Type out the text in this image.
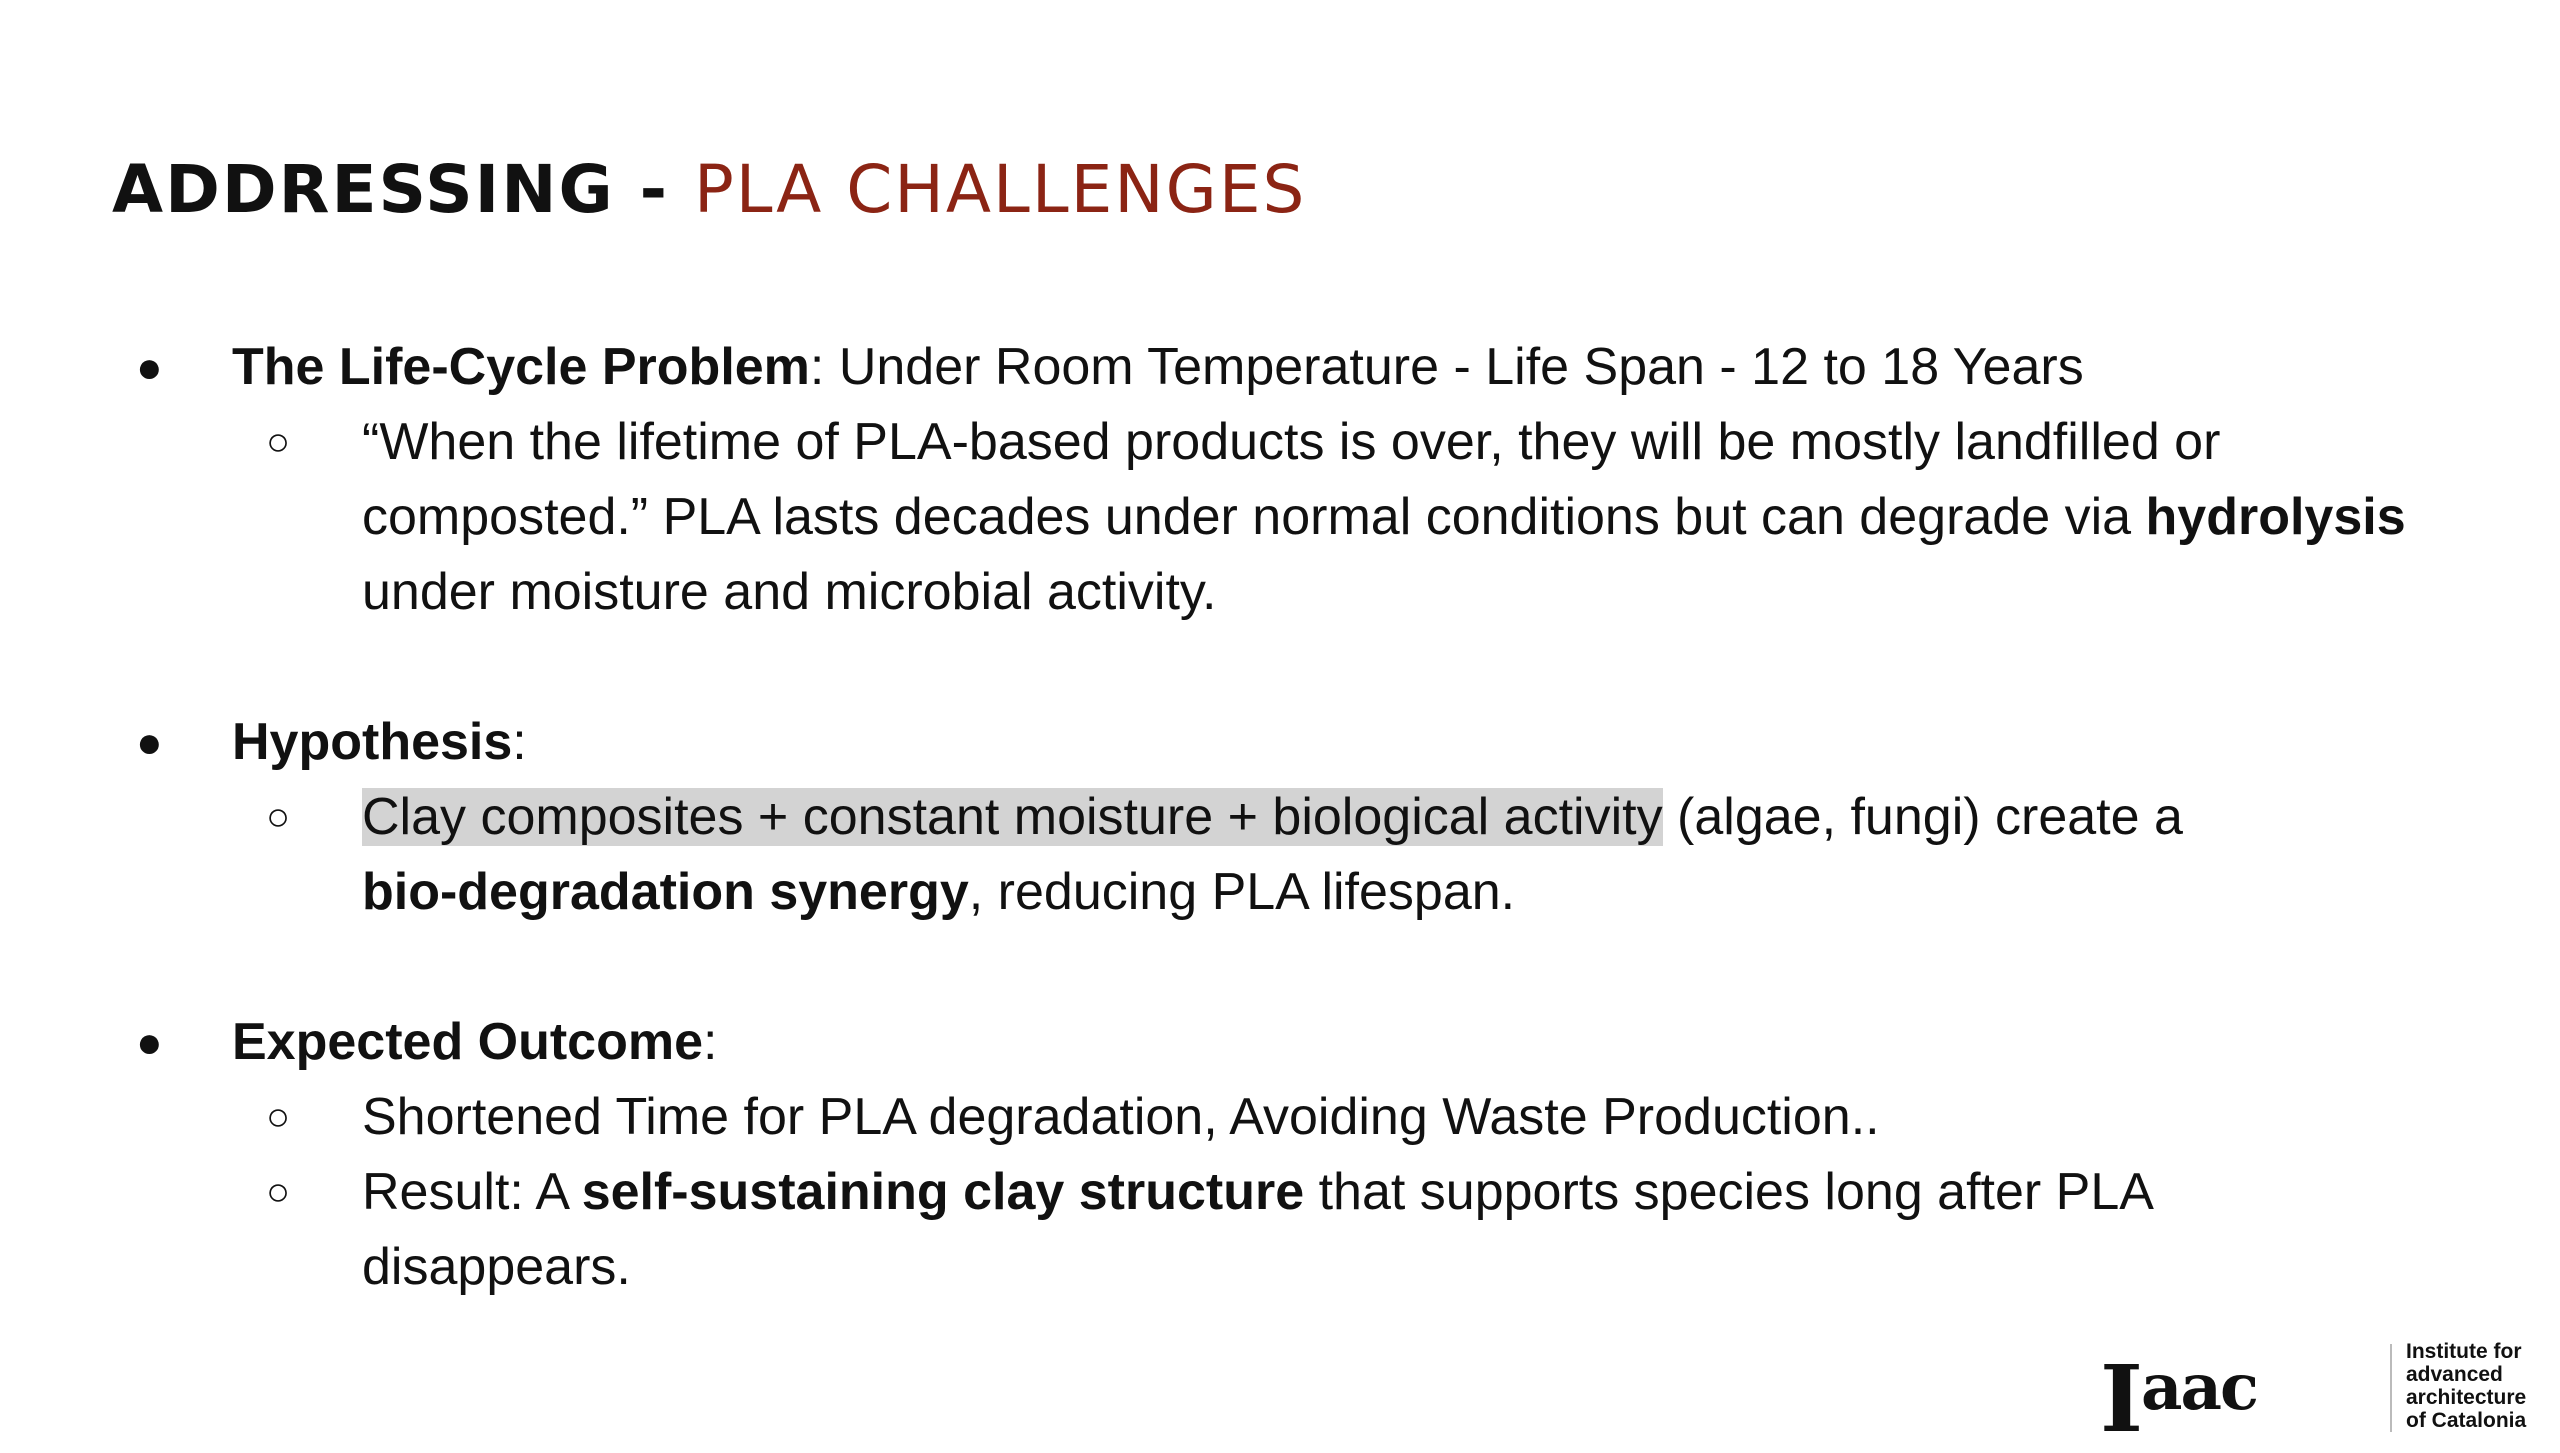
ADDRESSING - PLA CHALLENGES
● The Life-Cycle Problem: Under Room Temperature - Life Span - 12 to 18 Years
○ “When the lifetime of PLA-based products is over, they will be mostly landfilled or
composted.” PLA lasts decades under normal conditions but can degrade via hydrolysis
under moisture and microbial activity.
● Hypothesis:
○ Clay composites + constant moisture + biological activity (algae, fungi) create a
bio-degradation synergy, reducing PLA lifespan.
● Expected Outcome:
○ Shortened Time for PLA degradation, Avoiding Waste Production..
○ Result: A self-sustaining clay structure that supports species long after PLA
disappears.
$I^{aac}$	Institute for
advanced
architecture
of Catalonia
